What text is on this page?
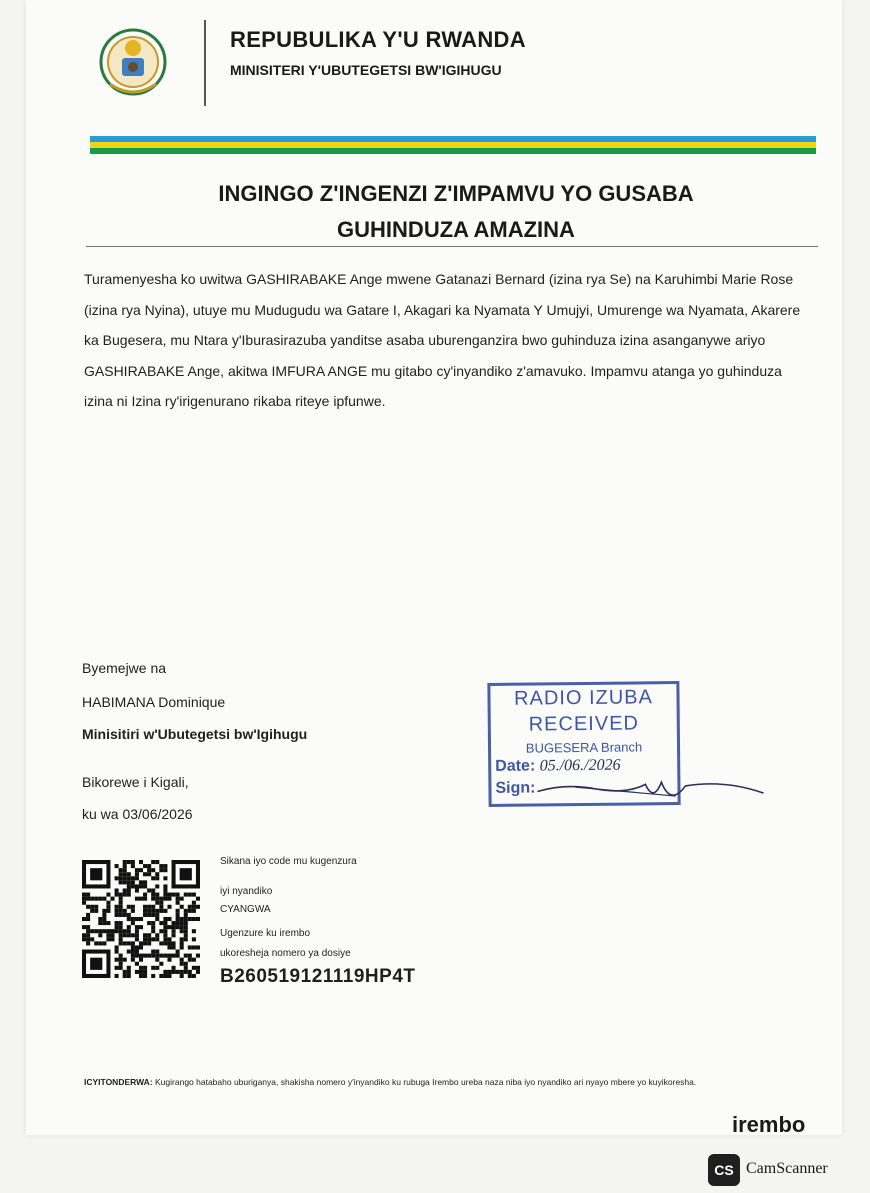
REPUBULIKA Y'U RWANDA
MINISITERI Y'UBUTEGETSI BW'IGIHUGU
INGINGO Z'INGENZI Z'IMPAMVU YO GUSABA
GUHINDUZA AMAZINA
Turamenyesha ko uwitwa GASHIRABAKE Ange mwene Gatanazi Bernard (izina rya Se) na Karuhimbi Marie Rose (izina rya Nyina), utuye mu Mudugudu wa Gatare I, Akagari ka Nyamata Y Umujyi, Umurenge wa Nyamata, Akarere ka Bugesera, mu Ntara y'Iburasirazuba yanditse asaba uburenganzira bwo guhinduza izina asanganywe ariyo GASHIRABAKE Ange, akitwa IMFURA ANGE mu gitabo cy'inyandiko z'amavuko. Impamvu atanga yo guhinduza izina ni Izina ry'irigenurano rikaba riteye ipfunwe.
Byemejwe na
HABIMANA Dominique
Minisitiri w'Ubutegetsi bw'Igihugu
Bikorewe i Kigali,
ku wa 03/06/2026
RADIO IZUBA
RECEIVED
BUGESERA Branch
Date: 05./06./2026
Sign:
Sikana iyo code mu kugenzura
iyi nyandiko
CYANGWA
Ugenzure ku irembo
ukoresheja nomero ya dosiye
B260519121119HP4T
ICYITONDERWA: Kugirango hatabaho uburiganya, shakisha nomero y'inyandiko ku rubuga Irembo ureba naza niba iyo nyandiko ari nyayo mbere yo kuyikoresha.
irembo
CS CamScanner
